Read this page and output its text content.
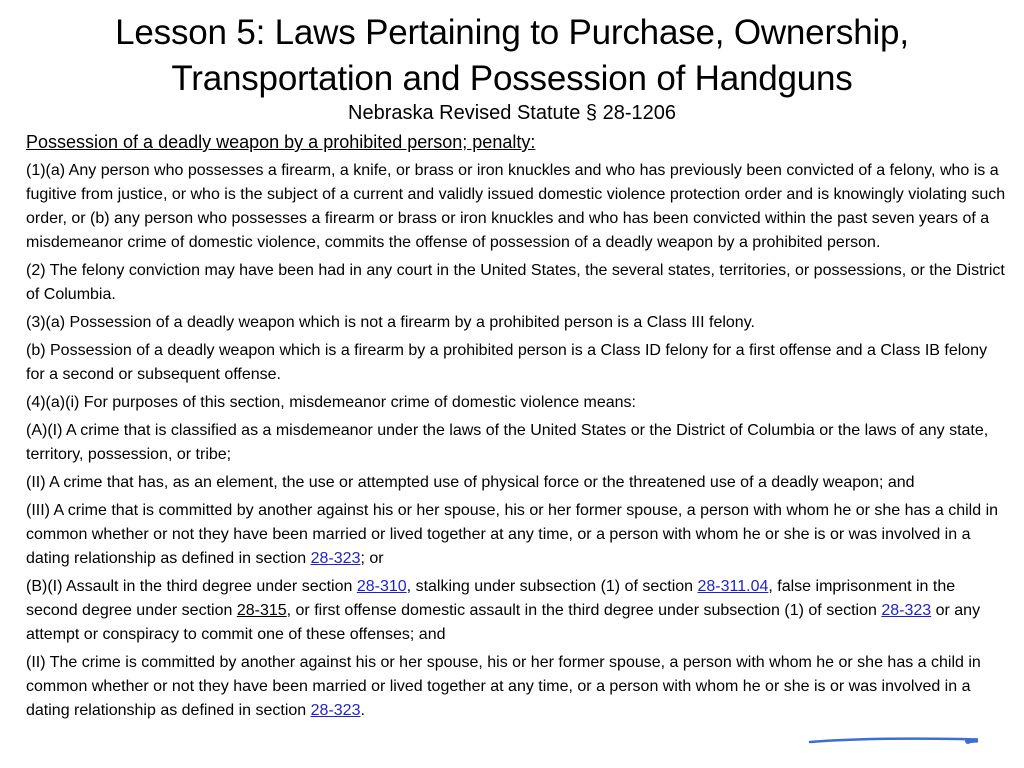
Lesson 5: Laws Pertaining to Purchase, Ownership,
Transportation and Possession of Handguns
Nebraska Revised Statute § 28-1206
Possession of a deadly weapon by a prohibited person; penalty:

(1)(a) Any person who possesses a firearm, a knife, or brass or iron knuckles and who has previously been convicted of a felony, who is a fugitive from justice, or who is the subject of a current and validly issued domestic violence protection order and is knowingly violating such order, or (b) any person who possesses a firearm or brass or iron knuckles and who has been convicted within the past seven years of a misdemeanor crime of domestic violence, commits the offense of possession of a deadly weapon by a prohibited person.

(2) The felony conviction may have been had in any court in the United States, the several states, territories, or possessions, or the District of Columbia.

(3)(a) Possession of a deadly weapon which is not a firearm by a prohibited person is a Class III felony.

(b) Possession of a deadly weapon which is a firearm by a prohibited person is a Class ID felony for a first offense and a Class IB felony for a second or subsequent offense.

(4)(a)(i) For purposes of this section, misdemeanor crime of domestic violence means:

(A)(I) A crime that is classified as a misdemeanor under the laws of the United States or the District of Columbia or the laws of any state, territory, possession, or tribe;

(II) A crime that has, as an element, the use or attempted use of physical force or the threatened use of a deadly weapon; and

(III) A crime that is committed by another against his or her spouse, his or her former spouse, a person with whom he or she has a child in common whether or not they have been married or lived together at any time, or a person with whom he or she is or was involved in a dating relationship as defined in section 28-323; or

(B)(I) Assault in the third degree under section 28-310, stalking under subsection (1) of section 28-311.04, false imprisonment in the second degree under section 28-315, or first offense domestic assault in the third degree under subsection (1) of section 28-323 or any attempt or conspiracy to commit one of these offenses; and

(II) The crime is committed by another against his or her spouse, his or her former spouse, a person with whom he or she has a child in common whether or not they have been married or lived together at any time, or a person with whom he or she is or was involved in a dating relationship as defined in section 28-323.
